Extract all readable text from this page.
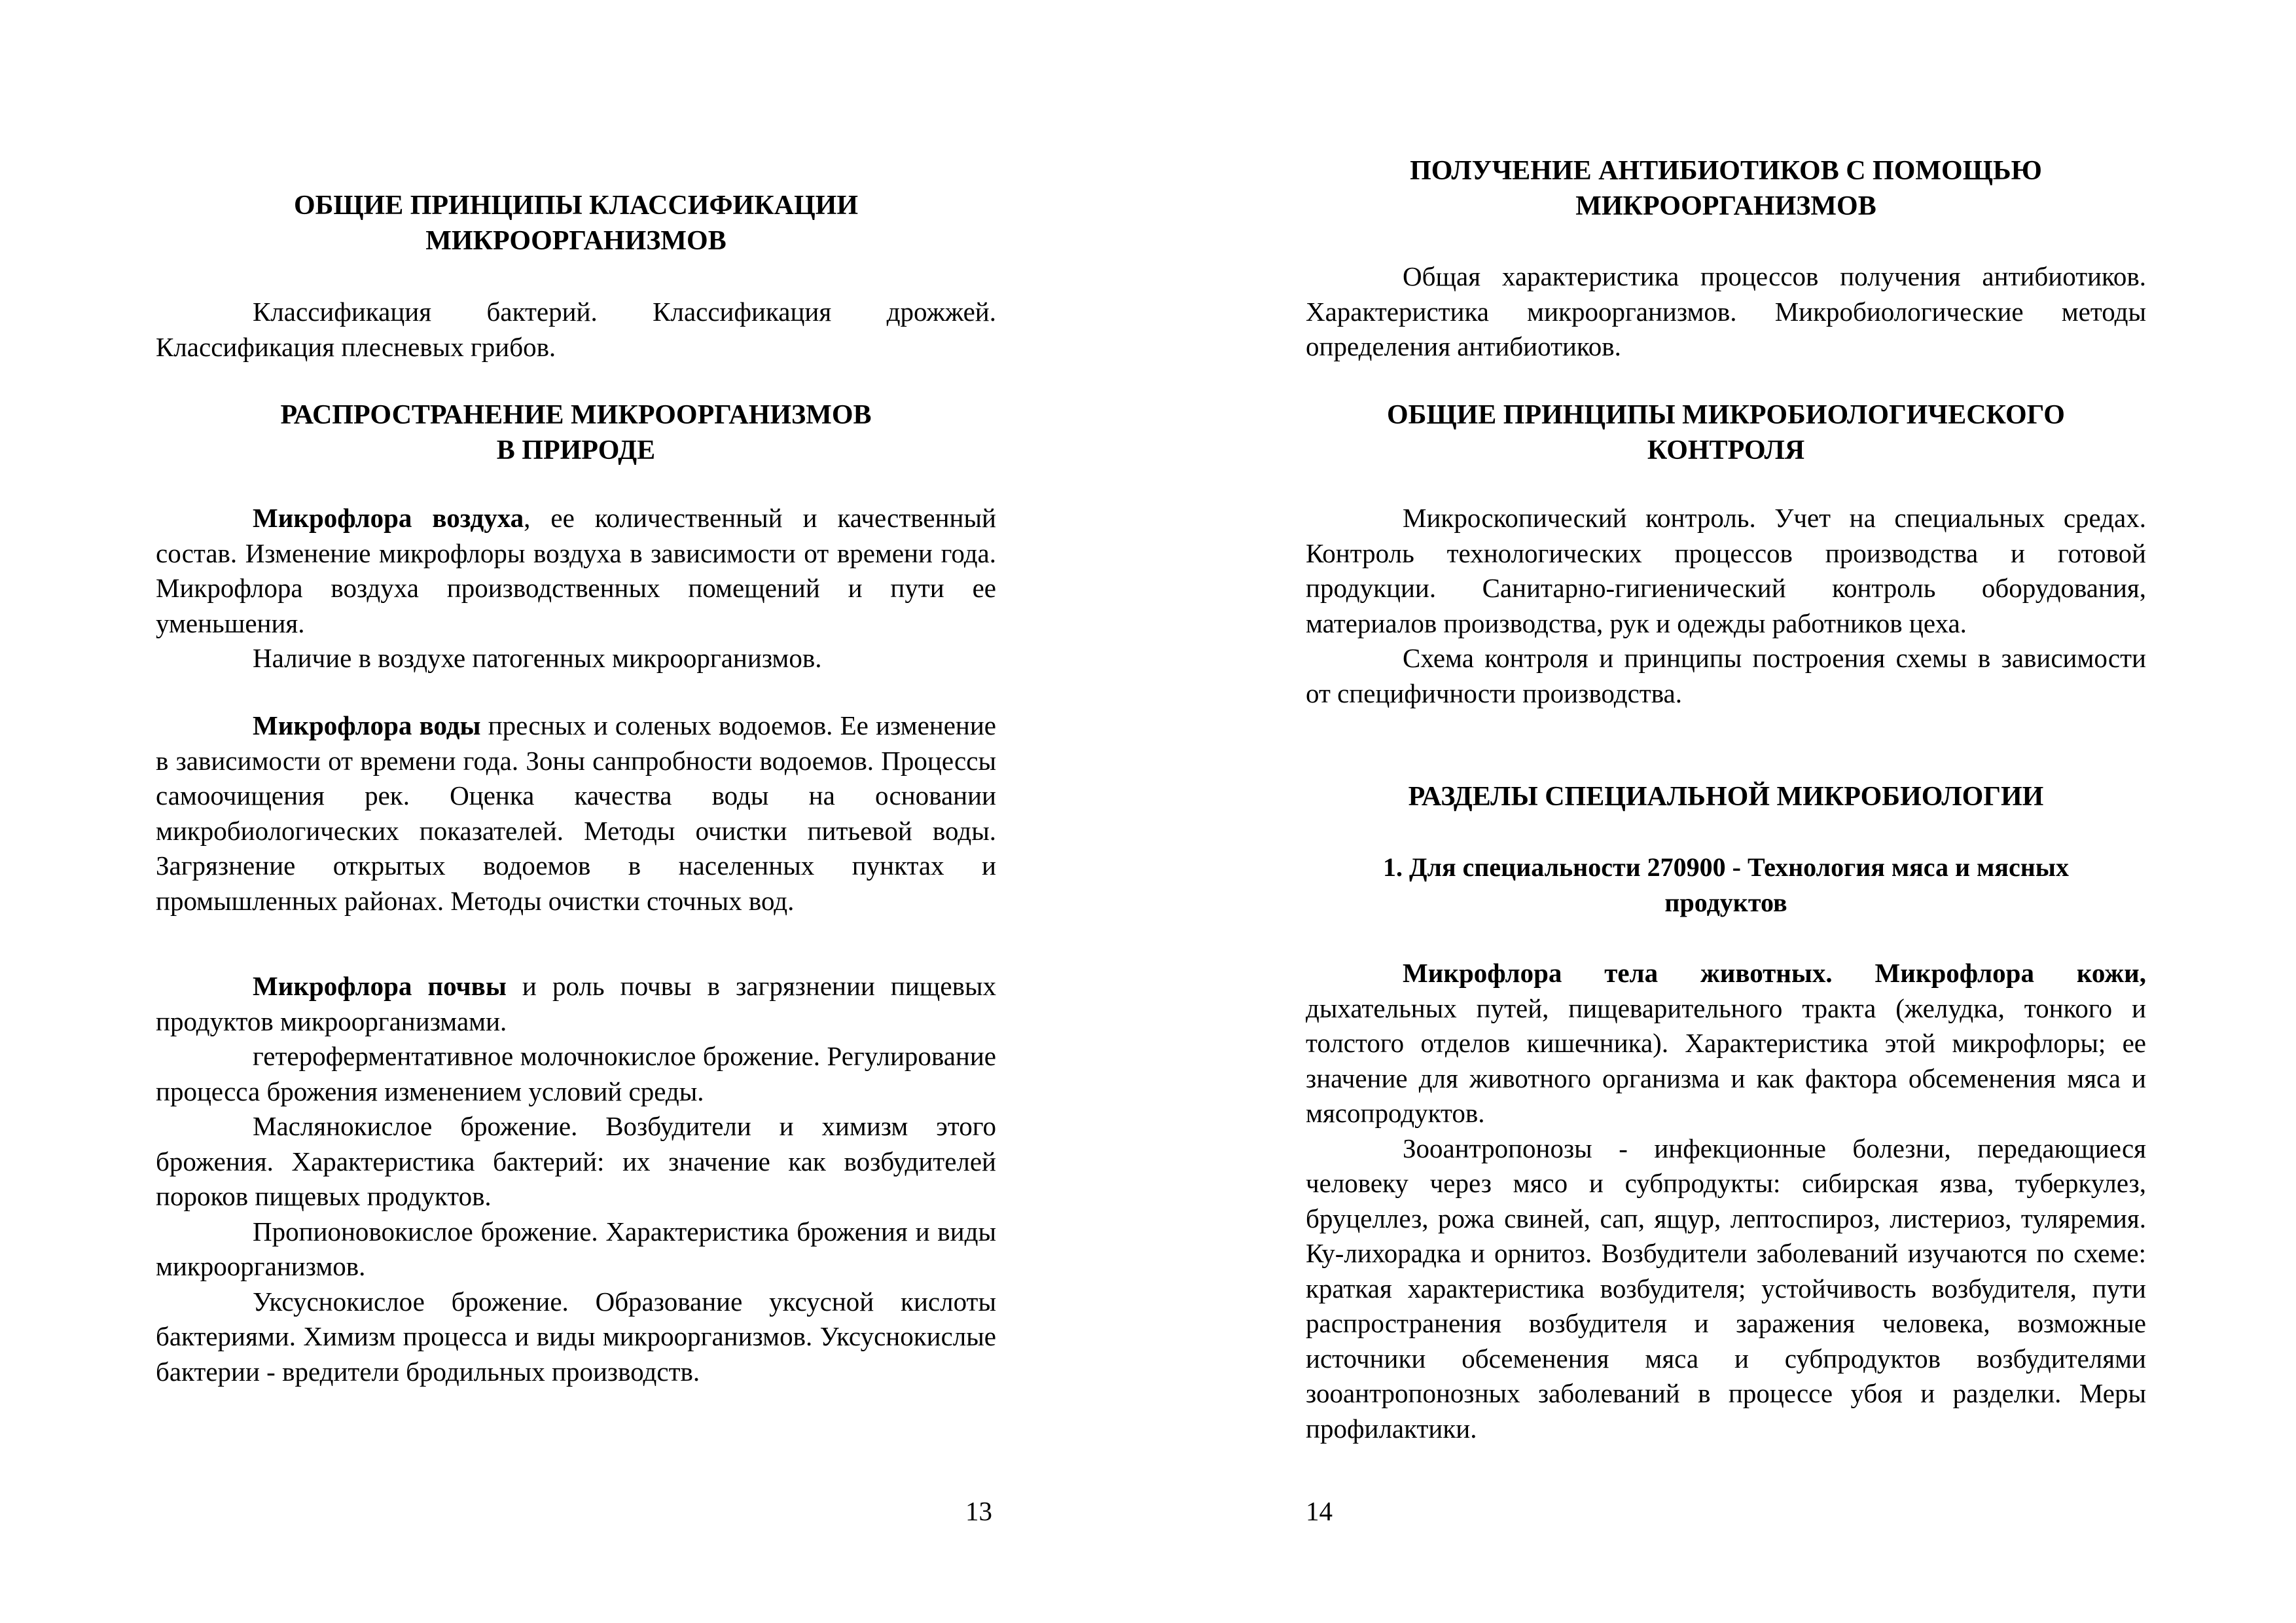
ОБЩИЕ ПРИНЦИПЫ КЛАССИФИКАЦИИ
МИКРООРГАНИЗМОВ

Классификация бактерий. Классификация дрожжей. Классификация плесневых грибов.

РАСПРОСТРАНЕНИЕ МИКРООРГАНИЗМОВ
В ПРИРОДЕ

Микрофлора воздуха, ее количественный и качественный состав. Изменение микрофлоры воздуха в зависимости от времени года. Микрофлора воздуха производственных помещений и пути ее уменьшения.

Наличие в воздухе патогенных микроорганизмов.

Микрофлора воды пресных и соленых водоемов. Ее изменение в зависимости от времени года. Зоны санпробности водоемов. Процессы самоочищения рек. Оценка качества воды на основании микробиологических показателей. Методы очистки питьевой воды. Загрязнение открытых водоемов в населенных пунктах и промышленных районах. Методы очистки сточных вод.

Микрофлора почвы и роль почвы в загрязнении пищевых продуктов микроорганизмами.

гетероферментативное молочнокислое брожение. Регулирование процесса брожения изменением условий среды.

Маслянокислое брожение. Возбудители и химизм этого брожения. Характеристика бактерий: их значение как возбудителей пороков пищевых продуктов.

Пропионовокислое брожение. Характеристика брожения и виды микроорганизмов.

Уксуснокислое брожение. Образование уксусной кислоты бактериями. Химизм процесса и виды микроорганизмов. Уксуснокислые бактерии - вредители бродильных производств.

13
ПОЛУЧЕНИЕ АНТИБИОТИКОВ С ПОМОЩЬЮ
МИКРООРГАНИЗМОВ

Общая характеристика процессов получения антибиотиков. Характеристика микроорганизмов. Микробиологические методы определения антибиотиков.

ОБЩИЕ ПРИНЦИПЫ МИКРОБИОЛОГИЧЕСКОГО
КОНТРОЛЯ

Микроскопический контроль. Учет на специальных средах. Контроль технологических процессов производства и готовой продукции. Санитарно-гигиенический контроль оборудования, материалов производства, рук и одежды работников цеха.

Схема контроля и принципы построения схемы в зависимости от специфичности производства.

РАЗДЕЛЫ СПЕЦИАЛЬНОЙ МИКРОБИОЛОГИИ
1. Для специальности 270900 - Технология мяса и мясных
продуктов

Микрофлора тела животных. Микрофлора кожи, дыхательных путей, пищеварительного тракта (желудка, тонкого и толстого отделов кишечника). Характеристика этой микрофлоры; ее значение для животного организма и как фактора обсеменения мяса и мясопродуктов.

Зооантропонозы - инфекционные болезни, передающиеся человеку через мясо и субпродукты: сибирская язва, туберкулез, бруцеллез, рожа свиней, сап, ящур, лептоспироз, листериоз, туляремия. Ку-лихорадка и орнитоз. Возбудители заболеваний изучаются по схеме: краткая характеристика возбудителя; устойчивость возбудителя, пути распространения возбудителя и заражения человека, возможные источники обсеменения мяса и субпродуктов возбудителями зооантропонозных заболеваний в процессе убоя и разделки. Меры профилактики.

14
